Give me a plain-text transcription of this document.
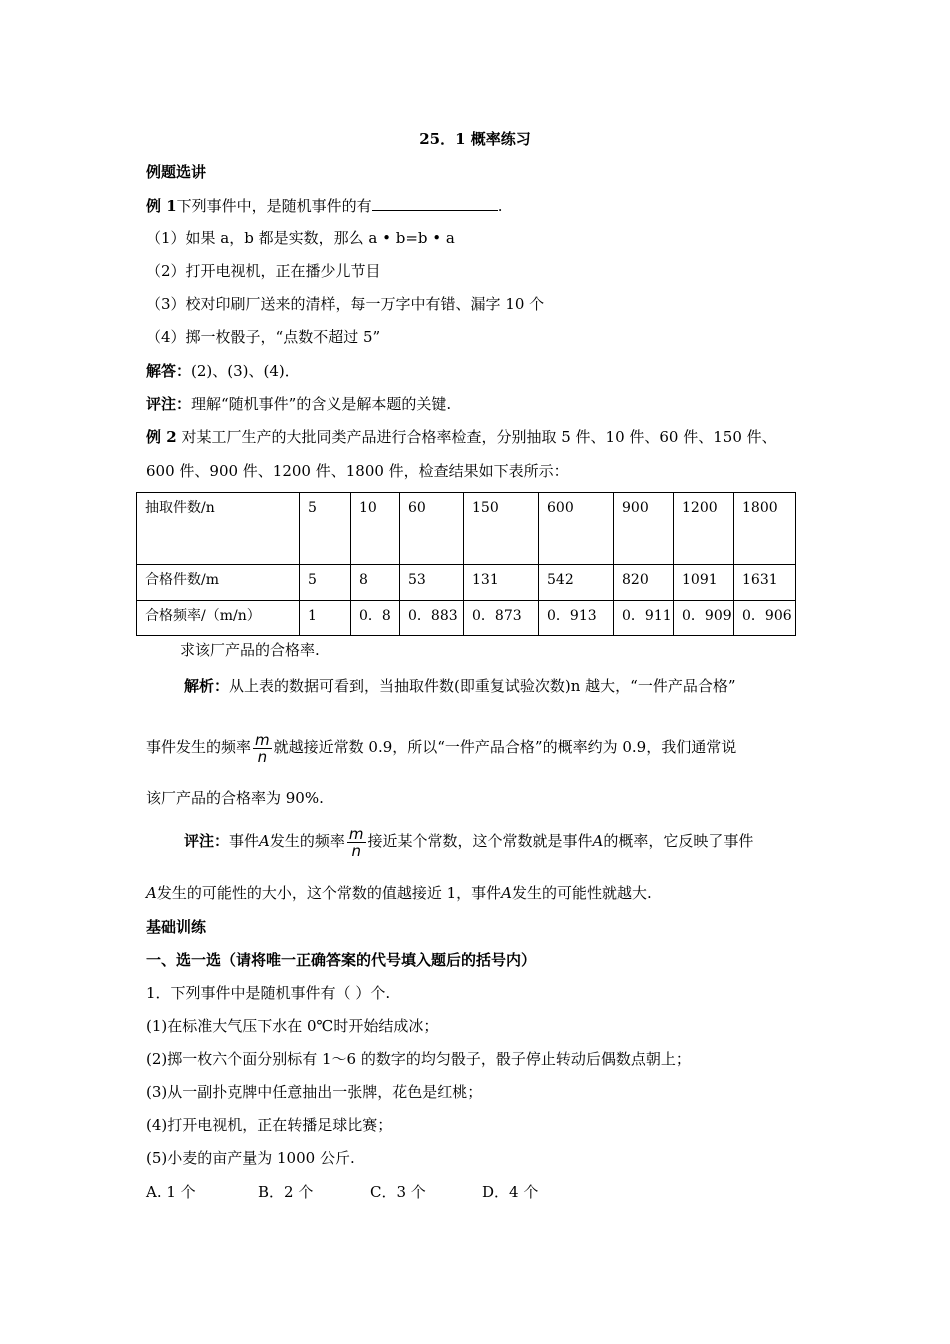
25．1 概率练习
例题选讲
例 1下列事件中，是随机事件的有	.
（1）如果 a，b 都是实数，那么 a • b=b • a
（2）打开电视机，正在播少儿节目
（3）校对印刷厂送来的清样，每一万字中有错、漏字 10 个
（4）掷一枚骰子，“点数不超过 5”
解答：(2)、(3)、(4)．
评注：理解“随机事件”的含义是解本题的关键.
例 2 对某工厂生产的大批同类产品进行合格率检查，分别抽取 5 件、10 件、60 件、150 件、
600 件、900 件、1200 件、1800 件，检查结果如下表所示：
抽取件数/n	5	10	60	150	600	900	1200	1800
合格件数/m	5	8	53	131	542	820	1091	1631
合格频率/（m/n）	1	0．8	0．883	0．873	0．913	0．911	0．909	0．906
求该厂产品的合格率.
解析：从上表的数据可看到，当抽取件数(即重复试验次数)n 越大，“一件产品合格”
事件发生的频率 $\frac{m}{n}$ 就越接近常数 0.9，所以“一件产品合格”的概率约为 0.9，我们通常说
该厂产品的合格率为 90%.
评注：事件A发生的频率 $\frac{m}{n}$ 接近某个常数，这个常数就是事件A的概率，它反映了事件
A发生的可能性的大小，这个常数的值越接近 1，事件A发生的可能性就越大.
基础训练
一、选一选（请将唯一正确答案的代号填入题后的括号内）
1．下列事件中是随机事件有（ ）个.
(1)在标准大气压下水在 0℃时开始结成冰；
(2)掷一枚六个面分别标有 1～6 的数字的均匀骰子，骰子停止转动后偶数点朝上；
(3)从一副扑克牌中任意抽出一张牌，花色是红桃；
(4)打开电视机，正在转播足球比赛；
(5)小麦的亩产量为 1000 公斤.
A. 1 个	B．2 个	C．3 个	D．4 个
